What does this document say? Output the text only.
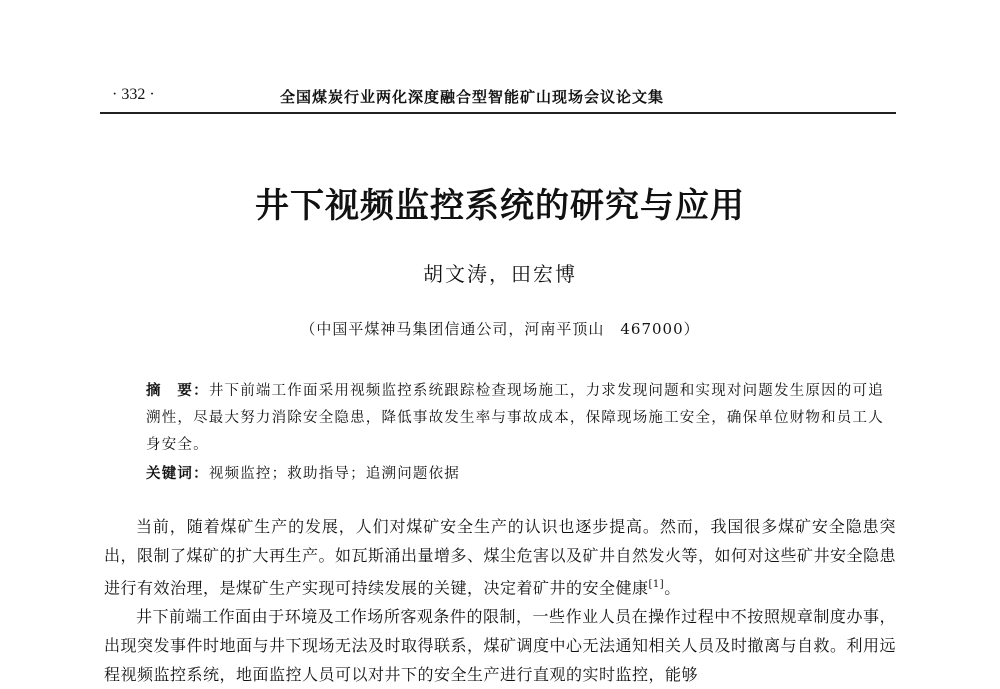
· 332 ·	全国煤炭行业两化深度融合型智能矿山现场会议论文集
井下视频监控系统的研究与应用
胡文涛，田宏博
（中国平煤神马集团信通公司，河南平顶山　467000）
摘　要：井下前端工作面采用视频监控系统跟踪检查现场施工，力求发现问题和实现对问题发生原因的可追溯性，尽最大努力消除安全隐患，降低事故发生率与事故成本，保障现场施工安全，确保单位财物和员工人身安全。
关键词：视频监控；救助指导；追溯问题依据

当前，随着煤矿生产的发展，人们对煤矿安全生产的认识也逐步提高。然而，我国很多煤矿安全隐患突出，限制了煤矿的扩大再生产。如瓦斯涌出量增多、煤尘危害以及矿井自然发火等，如何对这些矿井安全隐患进行有效治理，是煤矿生产实现可持续发展的关键，决定着矿井的安全健康[1]。

井下前端工作面由于环境及工作场所客观条件的限制，一些作业人员在操作过程中不按照规章制度办事，出现突发事件时地面与井下现场无法及时取得联系，煤矿调度中心无法通知相关人员及时撤离与自救。利用远程视频监控系统，地面监控人员可以对井下的安全生产进行直观的实时监控，能够
